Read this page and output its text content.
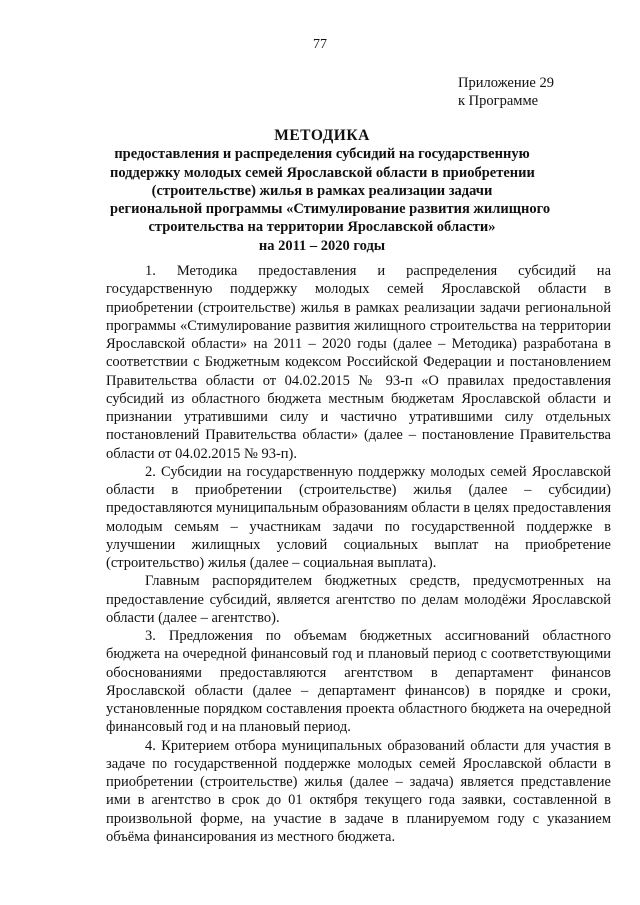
77
Приложение 29
к Программе
МЕТОДИКА
предоставления и распределения субсидий на государственную
поддержку молодых семей Ярославской области в приобретении
(строительстве) жилья в рамках реализации задачи
региональной программы «Стимулирование развития жилищного
строительства на территории Ярославской области»
на 2011 – 2020 годы

1. Методика предоставления и распределения субсидий на государственную поддержку молодых семей Ярославской области в приобретении (строительстве) жилья в рамках реализации задачи региональной программы «Стимулирование развития жилищного строительства на территории Ярославской области» на 2011 – 2020 годы (далее – Методика) разработана в соответствии с Бюджетным кодексом Российской Федерации и постановлением Правительства области от 04.02.2015 № 93-п «О правилах предоставления субсидий из областного бюджета местным бюджетам Ярославской области и признании утратившими силу и частично утратившими силу отдельных постановлений Правительства области» (далее – постановление Правительства области от 04.02.2015 № 93-п).

2. Субсидии на государственную поддержку молодых семей Ярославской области в приобретении (строительстве) жилья (далее – субсидии) предоставляются муниципальным образованиям области в целях предоставления молодым семьям – участникам задачи по государственной поддержке в улучшении жилищных условий социальных выплат на приобретение (строительство) жилья (далее – социальная выплата).

Главным распорядителем бюджетных средств, предусмотренных на предоставление субсидий, является агентство по делам молодёжи Ярославской области (далее – агентство).

3. Предложения по объемам бюджетных ассигнований областного бюджета на очередной финансовый год и плановый период с соответствующими обоснованиями предоставляются агентством в департамент финансов Ярославской области (далее – департамент финансов) в порядке и сроки, установленные порядком составления проекта областного бюджета на очередной финансовый год и на плановый период.

4. Критерием отбора муниципальных образований области для участия в задаче по государственной поддержке молодых семей Ярославской области в приобретении (строительстве) жилья (далее – задача) является представление ими в агентство в срок до 01 октября текущего года заявки, составленной в произвольной форме, на участие в задаче в планируемом году с указанием объёма финансирования из местного бюджета.
